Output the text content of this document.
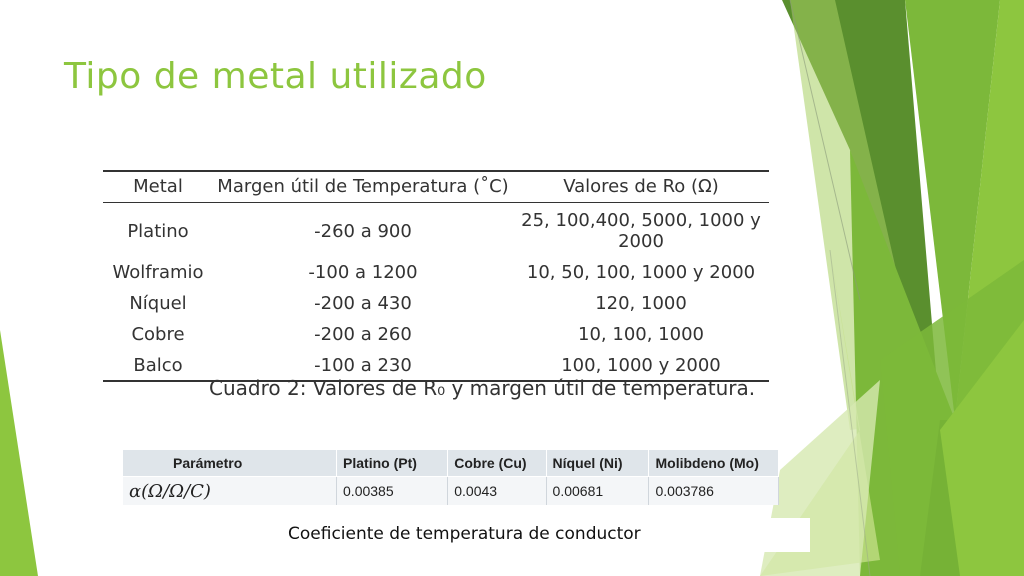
Tipo de metal utilizado
Metal	Margen útil de Temperatura (˚C)	Valores de Ro (Ω)
Platino	-260 a 900	25, 100,400, 5000, 1000 y 2000
Wolframio	-100 a 1200	10, 50, 100, 1000 y 2000
Níquel	-200 a 430	120, 1000
Cobre	-200 a 260	10, 100, 1000
Balco	-100 a 230	100, 1000 y 2000

Cuadro 2: Valores de R₀ y margen útil de temperatura.

Parámetro	Platino (Pt)	Cobre (Cu)	Níquel (Ni)	Molibdeno (Mo)
α(Ω/Ω/C)	0.00385	0.0043	0.00681	0.003786

Coeficiente de temperatura de conductor
